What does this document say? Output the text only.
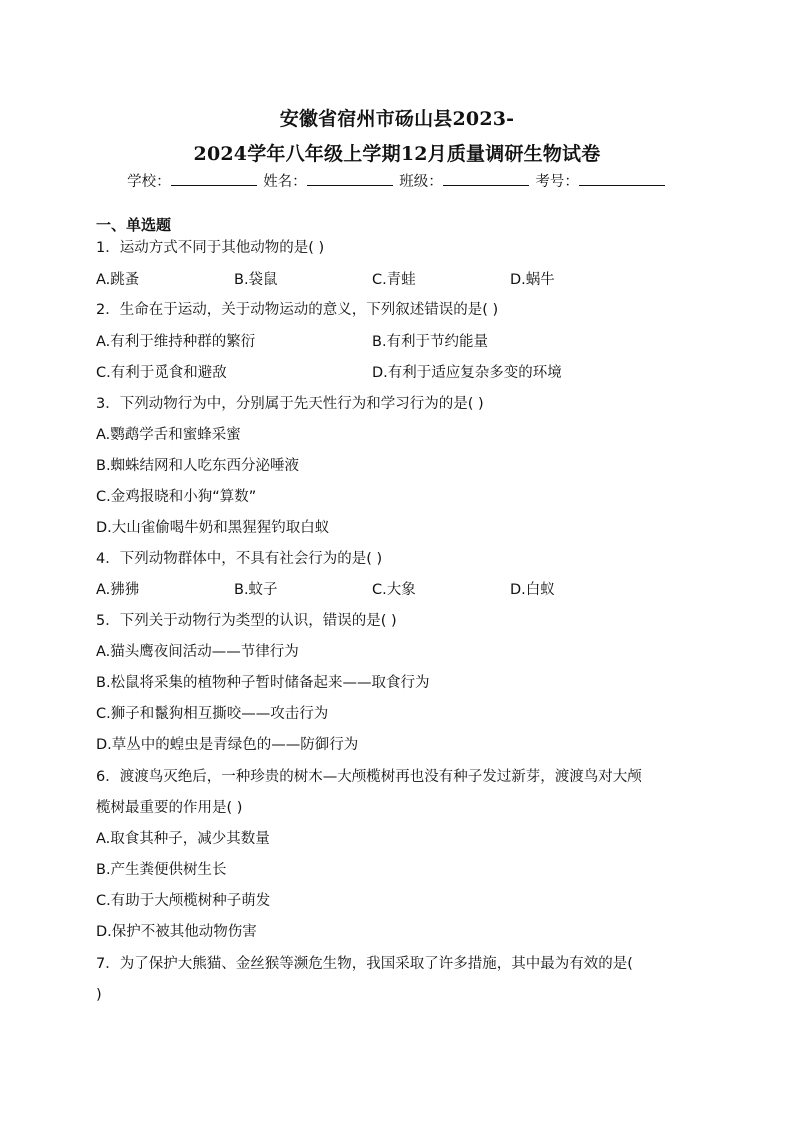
安徽省宿州市砀山县2023-
2024学年八年级上学期12月质量调研生物试卷
学校：	姓名：	班级：	考号：
一、单选题
1．运动方式不同于其他动物的是( )
A.跳蚤	B.袋鼠	C.青蛙	D.蜗牛
2．生命在于运动，关于动物运动的意义，下列叙述错误的是( )
A.有利于维持种群的繁衍	B.有利于节约能量
C.有利于觅食和避敌	D.有利于适应复杂多变的环境
3．下列动物行为中，分别属于先天性行为和学习行为的是( )
A.鹦鹉学舌和蜜蜂采蜜
B.蜘蛛结网和人吃东西分泌唾液
C.金鸡报晓和小狗“算数”
D.大山雀偷喝牛奶和黑猩猩钓取白蚁
4．下列动物群体中，不具有社会行为的是( )
A.狒狒	B.蚊子	C.大象	D.白蚁
5．下列关于动物行为类型的认识，错误的是( )
A.猫头鹰夜间活动——节律行为
B.松鼠将采集的植物种子暂时储备起来——取食行为
C.狮子和鬣狗相互撕咬——攻击行为
D.草丛中的蝗虫是青绿色的——防御行为
6．渡渡鸟灭绝后，一种珍贵的树木—大颅榄树再也没有种子发过新芽，渡渡鸟对大颅
榄树最重要的作用是( )
A.取食其种子，减少其数量
B.产生粪便供树生长
C.有助于大颅榄树种子萌发
D.保护不被其他动物伤害
7．为了保护大熊猫、金丝猴等濒危生物，我国采取了许多措施，其中最为有效的是(
)
